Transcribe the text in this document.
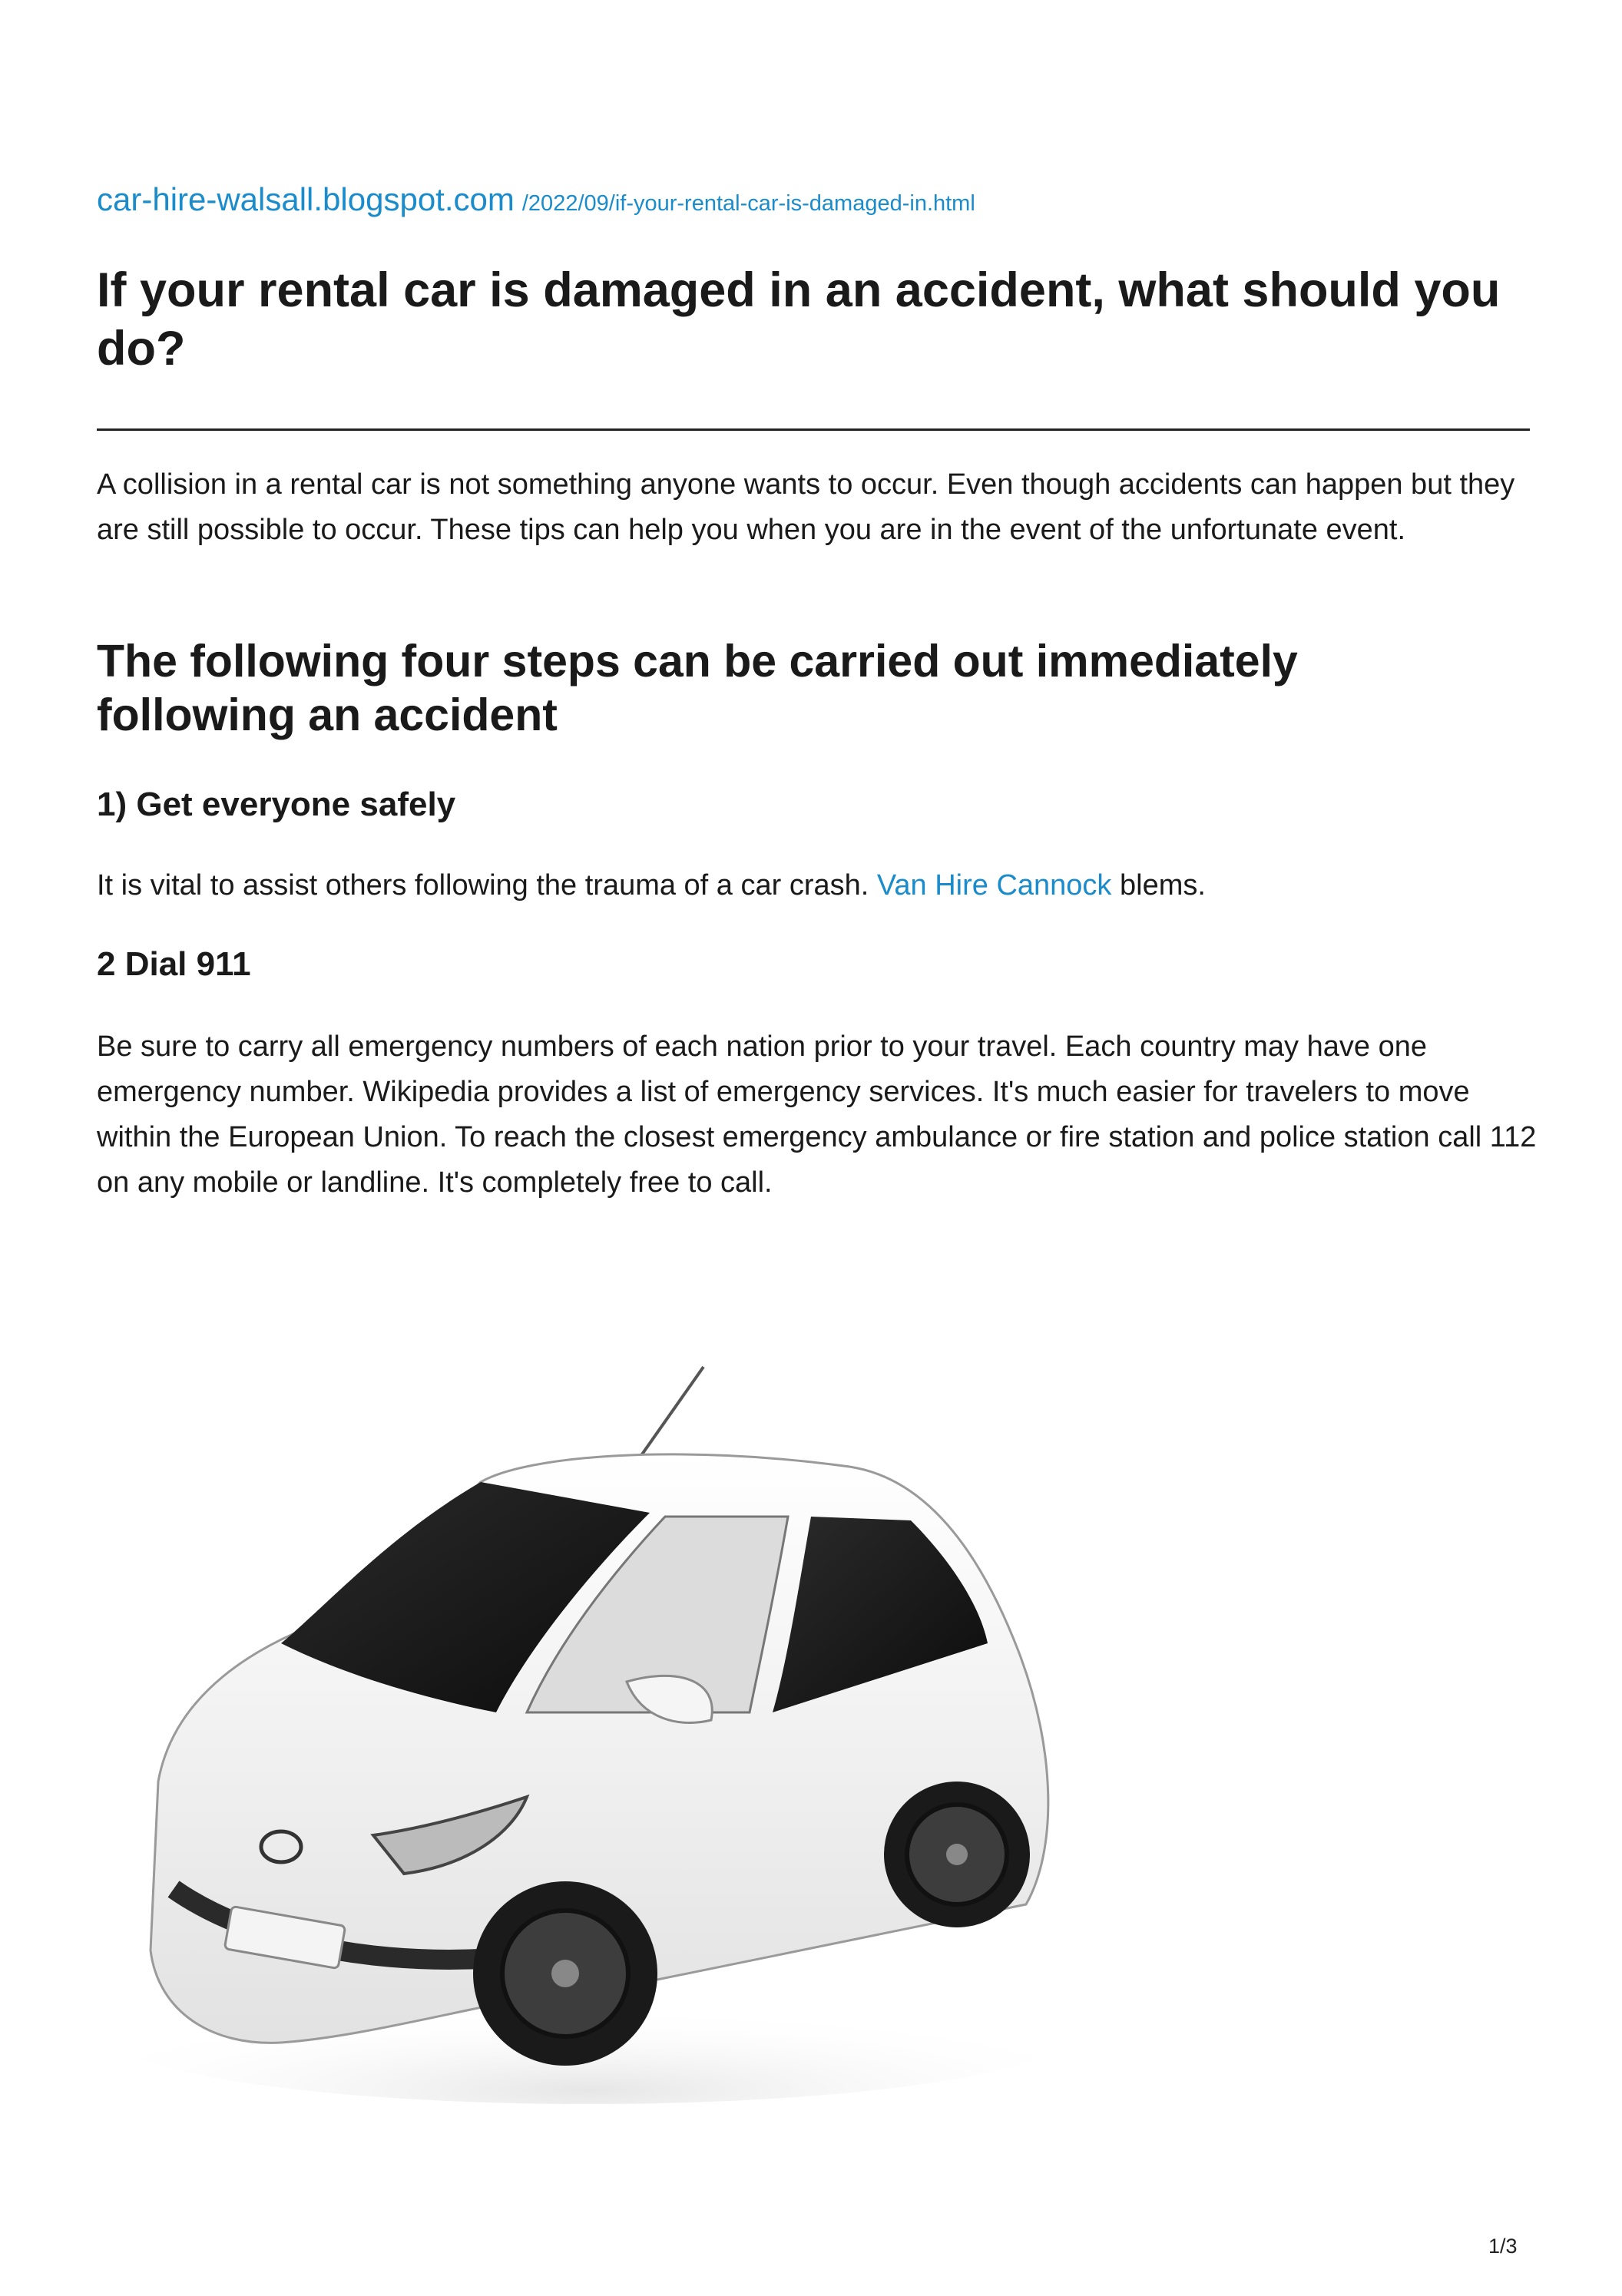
car-hire-walsall.blogspot.com /2022/09/if-your-rental-car-is-damaged-in.html
If your rental car is damaged in an accident, what should you do?

A collision in a rental car is not something anyone wants to occur. Even though accidents can happen but they are still possible to occur. These tips can help you when you are in the event of the unfortunate event.

The following four steps can be carried out immediately following an accident
1) Get everyone safely

It is vital to assist others following the trauma of a car crash. Van Hire Cannock blems.

2 Dial 911

Be sure to carry all emergency numbers of each nation prior to your travel. Each country may have one emergency number. Wikipedia provides a list of emergency services. It's much easier for travelers to move within the European Union. To reach the closest emergency ambulance or fire station and police station call 112 on any mobile or landline. It's completely free to call.

1/3
